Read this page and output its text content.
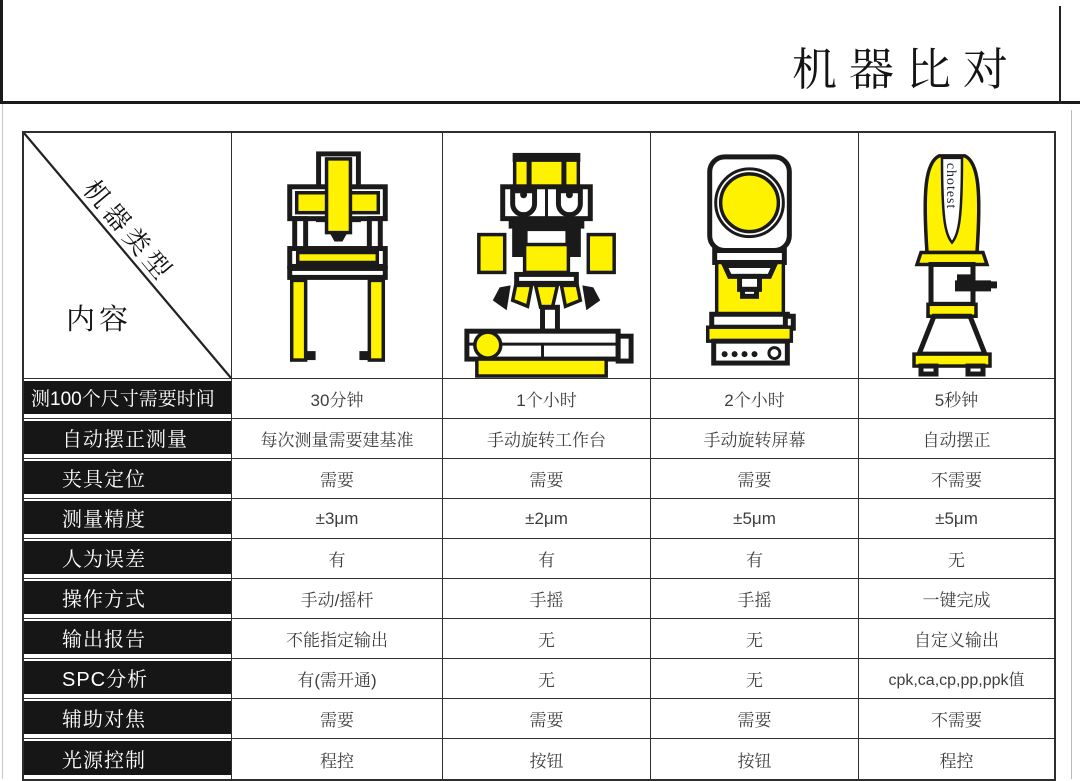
机器比对
机器类型
内容
chotest
测100个尺寸需要时间	30分钟	1个小时	2个小时	5秒钟
自动摆正测量	每次测量需要建基准	手动旋转工作台	手动旋转屏幕	自动摆正
夹具定位	需要	需要	需要	不需要
测量精度	±3μm	±2μm	±5μm	±5μm
人为误差	有	有	有	无
操作方式	手动/摇杆	手摇	手摇	一键完成
输出报告	不能指定输出	无	无	自定义输出
SPC分析	有(需开通)	无	无	cpk,ca,cp,pp,ppk值
辅助对焦	需要	需要	需要	不需要
光源控制	程控	按钮	按钮	程控
